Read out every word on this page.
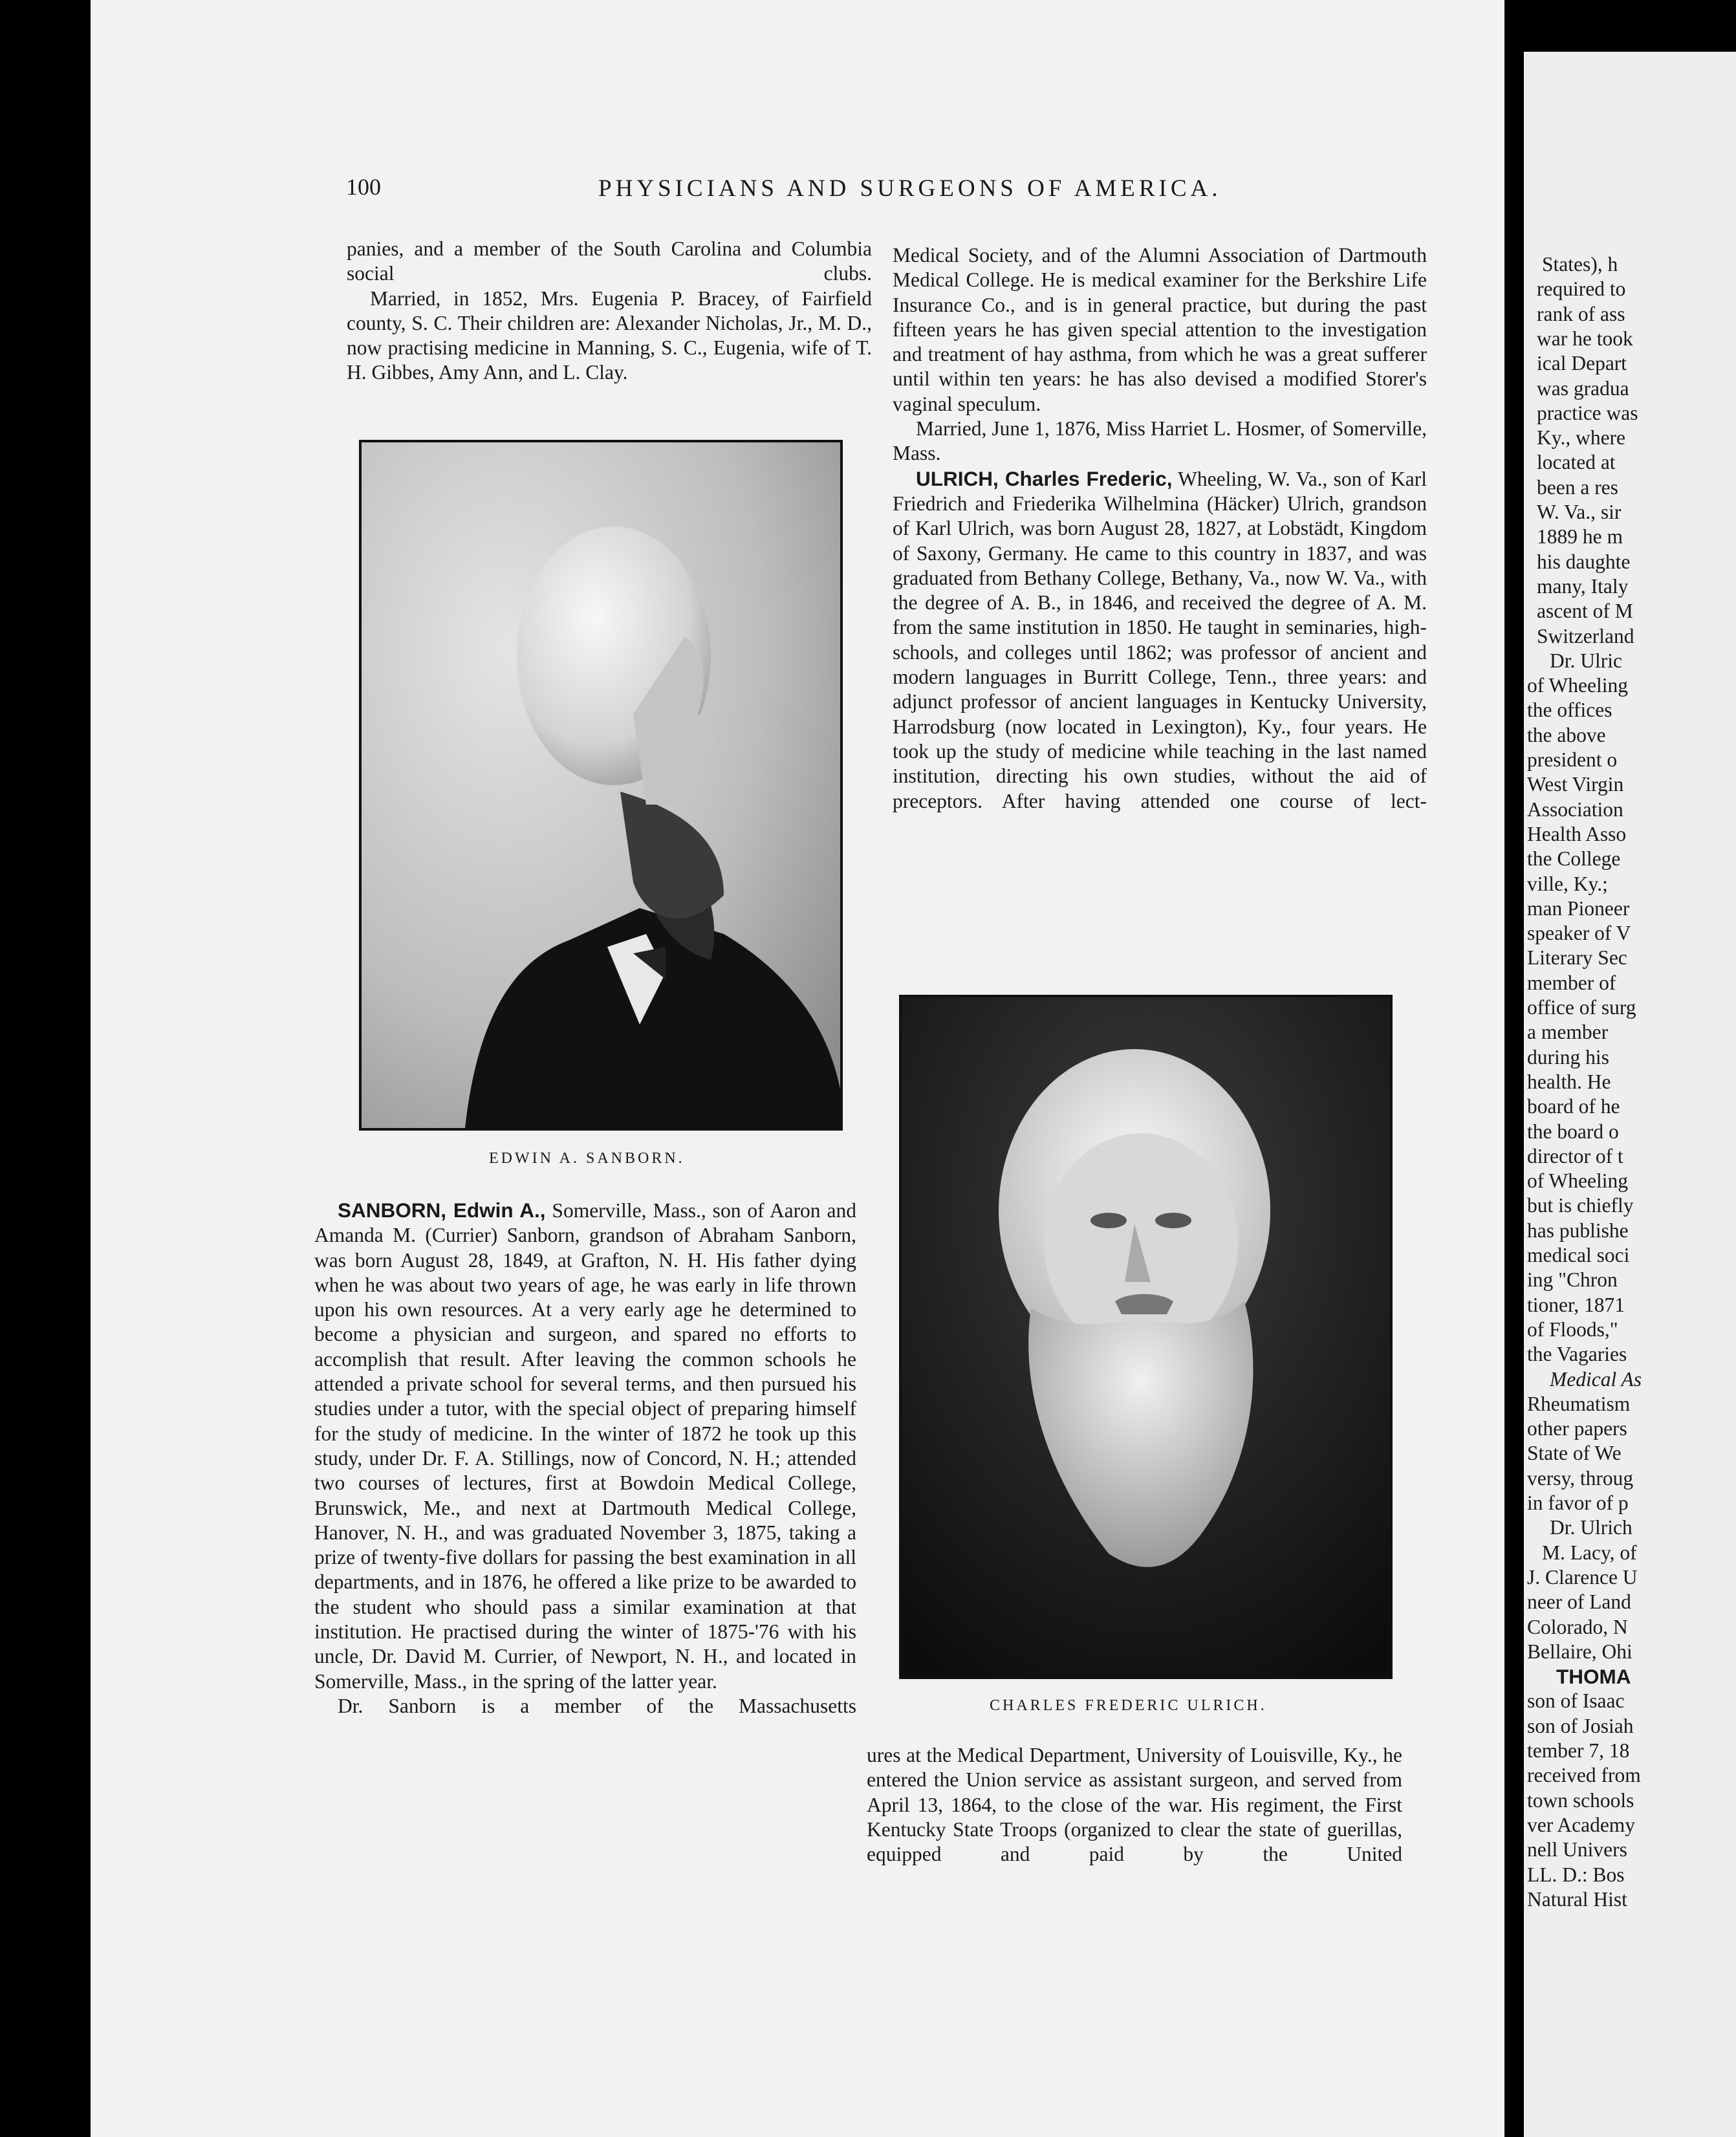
100	PHYSICIANS AND SURGEONS OF AMERICA.

panies, and a member of the South Carolina and Columbia social clubs.

Married, in 1852, Mrs. Eugenia P. Bracey, of Fairfield county, S. C. Their children are: Alexander Nicholas, Jr., M. D., now practising medicine in Manning, S. C., Eugenia, wife of T. H. Gibbes, Amy Ann, and L. Clay.

EDWIN A. SANBORN.

SANBORN, Edwin A., Somerville, Mass., son of Aaron and Amanda M. (Currier) Sanborn, grandson of Abraham Sanborn, was born August 28, 1849, at Grafton, N. H. His father dying when he was about two years of age, he was early in life thrown upon his own resources. At a very early age he determined to become a physician and surgeon, and spared no efforts to accomplish that result. After leaving the common schools he attended a private school for several terms, and then pursued his studies under a tutor, with the special object of preparing himself for the study of medicine. In the winter of 1872 he took up this study, under Dr. F. A. Stillings, now of Concord, N. H.; attended two courses of lectures, first at Bowdoin Medical College, Brunswick, Me., and next at Dartmouth Medical College, Hanover, N. H., and was graduated November 3, 1875, taking a prize of twenty-five dollars for passing the best examination in all departments, and in 1876, he offered a like prize to be awarded to the student who should pass a similar examination at that institution. He practised during the winter of 1875-'76 with his uncle, Dr. David M. Currier, of Newport, N. H., and located in Somerville, Mass., in the spring of the latter year.

Dr. Sanborn is a member of the Massachusetts

Medical Society, and of the Alumni Association of Dartmouth Medical College. He is medical examiner for the Berkshire Life Insurance Co., and is in general practice, but during the past fifteen years he has given special attention to the investigation and treatment of hay asthma, from which he was a great sufferer until within ten years: he has also devised a modified Storer's vaginal speculum.

Married, June 1, 1876, Miss Harriet L. Hosmer, of Somerville, Mass.

ULRICH, Charles Frederic, Wheeling, W. Va., son of Karl Friedrich and Friederika Wilhelmina (Häcker) Ulrich, grandson of Karl Ulrich, was born August 28, 1827, at Lobstädt, Kingdom of Saxony, Germany. He came to this country in 1837, and was graduated from Bethany College, Bethany, Va., now W. Va., with the degree of A. B., in 1846, and received the degree of A. M. from the same institution in 1850. He taught in seminaries, high-schools, and colleges until 1862; was professor of ancient and modern languages in Burritt College, Tenn., three years: and adjunct professor of ancient languages in Kentucky University, Harrodsburg (now located in Lexington), Ky., four years. He took up the study of medicine while teaching in the last named institution, directing his own studies, without the aid of preceptors. After having attended one course of lect-

CHARLES FREDERIC ULRICH.

ures at the Medical Department, University of Louisville, Ky., he entered the Union service as assistant surgeon, and served from April 13, 1864, to the close of the war. His regiment, the First Kentucky State Troops (organized to clear the state of guerillas, equipped and paid by the United

States), h
required to
rank of ass
war he took
ical Depart
was gradua
practice was
Ky., where
located at
been a res
W. Va., sir
1889 he m
his daughte
many, Italy
ascent of M
Switzerland
Dr. Ulric
of Wheeling
the offices
the above
president o
West Virgin
Association
Health Asso
the College
ville, Ky.;
man Pioneer
speaker of V
Literary Sec
member of
office of surg
a member
during his
health. He
board of he
the board o
director of t
of Wheeling
but is chiefly
has publishe
medical soci
ing "Chron
tioner, 1871
of Floods,"
the Vagaries
Medical As
Rheumatism
other papers
State of We
versy, throug
in favor of p
Dr. Ulrich
M. Lacy, of
J. Clarence U
neer of Land
Colorado, N
Bellaire, Ohi
THOMA
son of Isaac
son of Josiah
tember 7, 18
received from
town schools
ver Academy
nell Univers
LL. D.: Bos
Natural Hist
